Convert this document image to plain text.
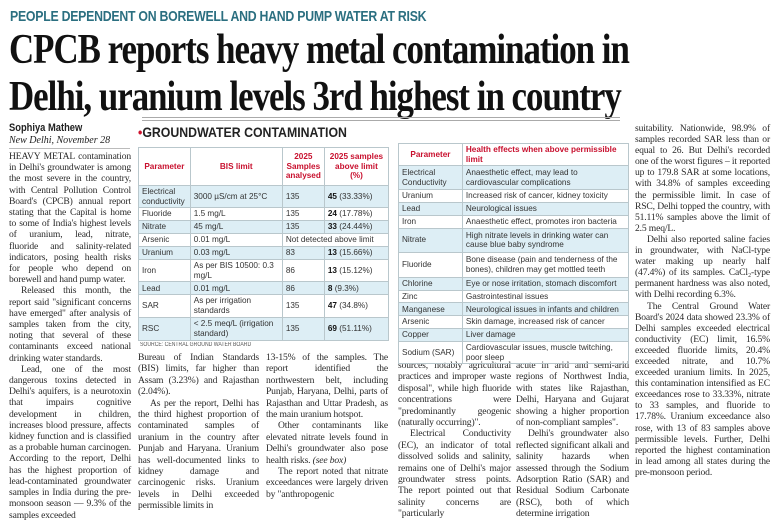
PEOPLE DEPENDENT ON BOREWELL AND HAND PUMP WATER AT RISK
CPCB reports heavy metal contamination in
Delhi, uranium levels 3rd highest in country
Sophiya Mathew
New Delhi, November 28

HEAVY METAL contamination in Delhi's groundwater is among the most severe in the country, with Central Pollution Control Board's (CPCB) annual report stating that the Capital is home to some of India's highest levels of uranium, lead, nitrate, fluoride and salinity-related indicators, posing health risks for people who depend on borewell and hand pump water.

Released this month, the report said "significant concerns have emerged" after analysis of samples taken from the city, noting that several of these contaminants exceed national drinking water standards.

Lead, one of the most dangerous toxins detected in Delhi's aquifers, is a neurotoxin that impairs cognitive development in children, increases blood pressure, affects kidney function and is classified as a probable human carcinogen. According to the report, Delhi has the highest proportion of lead-contaminated groundwater samples in India during the pre-monsoon season — 9.3% of the samples exceeded

Bureau of Indian Standards (BIS) limits, far higher than Assam (3.23%) and Rajasthan (2.04%).

As per the report, Delhi has the third highest proportion of contaminated samples of uranium in the country after Punjab and Haryana. Uranium has well-documented links to kidney damage and carcinogenic risks. Uranium levels in Delhi exceeded permissible limits in

13-15% of the samples. The report identified the northwestern belt, including Punjab, Haryana, Delhi, parts of Rajasthan and Uttar Pradesh, as the main uranium hotspot.

Other contaminants like elevated nitrate levels found in Delhi's groundwater also pose health risks. (see box)

The report noted that nitrate exceedances were largely driven by "anthropogenic

sources, notably agricultural practices and improper waste disposal", while high fluoride concentrations were "predominantly geogenic (naturally occurring)".

Electrical Conductivity (EC), an indicator of total dissolved solids and salinity, remains one of Delhi's major groundwater stress points. The report pointed out that salinity concerns are "particularly

acute in arid and semi-arid regions of Northwest India, with states like Rajasthan, Delhi, Haryana and Gujarat showing a higher proportion of non-compliant samples".

Delhi's groundwater also reflected significant alkali and salinity hazards when assessed through the Sodium Adsorption Ratio (SAR) and Residual Sodium Carbonate (RSC), both of which determine irrigation

suitability. Nationwide, 98.9% of samples recorded SAR less than or equal to 26. But Delhi's recorded one of the worst figures – it reported up to 179.8 SAR at some locations, with 34.8% of samples exceeding the permissible limit. In case of RSC, Delhi topped the country, with 51.11% samples above the limit of 2.5 meq/L.

Delhi also reported saline facies in groundwater, with NaCl-type water making up nearly half (47.4%) of its samples. CaCl₂-type permanent hardness was also noted, with Delhi recording 6.3%.

The Central Ground Water Board's 2024 data showed 23.3% of Delhi samples exceeded electrical conductivity (EC) limit, 16.5% exceeded fluoride limits, 20.4% exceeded nitrate, and 10.7% exceeded uranium limits. In 2025, this contamination intensified as EC exceedances rose to 33.33%, nitrate to 33 samples, and fluoride to 17.78%. Uranium exceedance also rose, with 13 of 83 samples above permissible levels. Further, Delhi reported the highest contamination in lead among all states during the pre-monsoon period.

•GROUNDWATER CONTAMINATION
Parameter	BIS limit	2025 Samples analysed	2025 samples above limit (%)
Electrical conductivity	3000 µS/cm at 25°C	135	45 (33.33%)
Fluoride	1.5 mg/L	135	24 (17.78%)
Nitrate	45 mg/L	135	33 (24.44%)
Arsenic	0.01 mg/L	Not detected above limit	
Uranium	0.03 mg/L	83	13 (15.66%)
Iron	As per BIS 10500: 0.3 mg/L	86	13 (15.12%)
Lead	0.01 mg/L	86	8 (9.3%)
SAR	As per irrigation standards	135	47 (34.8%)
RSC	< 2.5 meq/L (irrigation standard)	135	69 (51.11%)
SOURCE: CENTRAL GROUND WATER BOARD
Parameter	Health effects when above permissible limit
Electrical Conductivity	Anaesthetic effect, may lead to cardiovascular complications
Uranium	Increased risk of cancer, kidney toxicity
Lead	Neurological issues
Iron	Anaesthetic effect, promotes iron bacteria
Nitrate	High nitrate levels in drinking water can cause blue baby syndrome
Fluoride	Bone disease (pain and tenderness of the bones), children may get mottled teeth
Chlorine	Eye or nose irritation, stomach discomfort
Zinc	Gastrointestinal issues
Manganese	Neurological issues in infants and children
Arsenic	Skin damage, increased risk of cancer
Copper	Liver damage
Sodium (SAR)	Cardiovascular issues, muscle twitching, poor sleep
